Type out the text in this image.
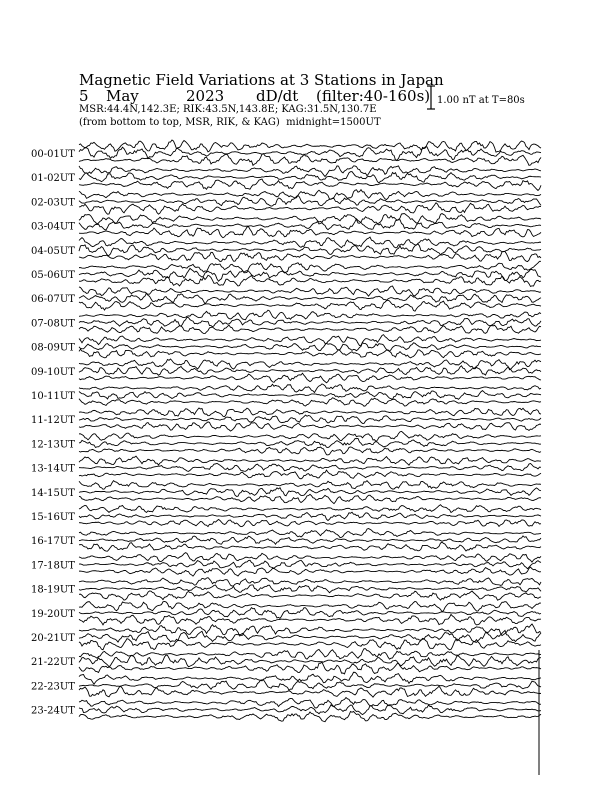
Magnetic Field Variations at 3 Stations in Japan
5 May	2023 dD/dt (filter:40-160s)
MSR:44.4N,142.3E; RIK:43.5N,143.8E; KAG:31.5N,130.7E
(from bottom to top, MSR, RIK, & KAG) midnight=1500UT
1.00 nT at T=80s
00-01UT
01-02UT
02-03UT
03-04UT
04-05UT
05-06UT
06-07UT
07-08UT
08-09UT
09-10UT
10-11UT
11-12UT
12-13UT
13-14UT
14-15UT
15-16UT
16-17UT
17-18UT
18-19UT
19-20UT
20-21UT
21-22UT
22-23UT
23-24UT
